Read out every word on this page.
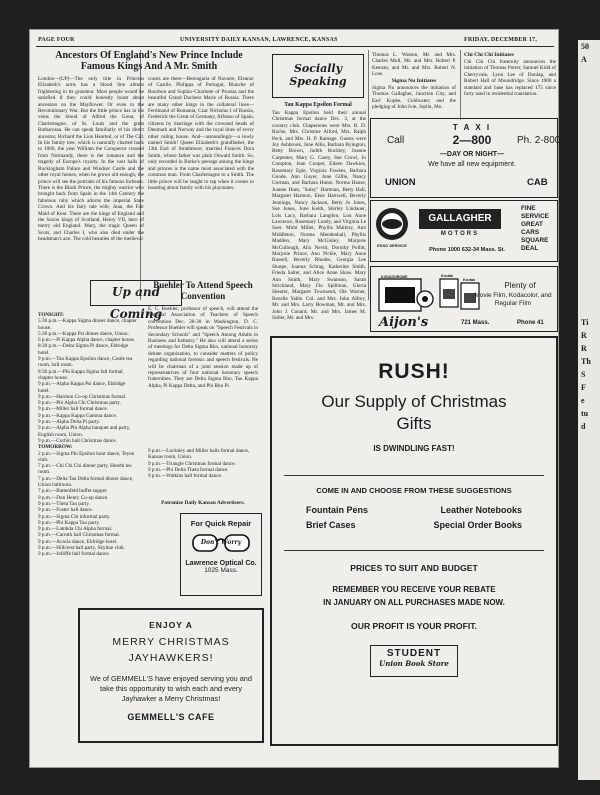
PAGE FOUR	UNIVERSITY DAILY KANSAN, LAWRENCE, KANSAS	FRIDAY, DECEMBER 17,
Ancestors Of England's New Prince Include Famous Kings And A Mr. Smith
London—(UP)—The only title in Princess Elizabeth's arms has a blood line almost frightening in its grandeur. Most people would be satisfied if they could honestly boast about ancestors on the Mayflower. Or even in the Revolutionary War. But the little prince has in his veins the blood of Alfred the Great, of Charlemagne, of St. Louis and the great Barbarossa. He can speak familiarly of his direct ancestor, Richard the Lion Hearted, or of The Cid. In his family tree, which is naturally charted back to 1066, the year William the Conqueror crossed from Normandy, there is the romance and the tragedy of Europe's royalty. In the vast halls of Buckingham Palace and Windsor Castle and the other royal homes, when he grows old enough, the prince will see the portraits of his famous forbears. There is the Black Prince, the mighty warrior who brought back from Spain in the 14th Century the fabulous ruby which adorns the imperial State Crown. And his fairy tale wife, Joan, the Fair Maid of Kent. There are the kings of England and the Saxon kings of Scotland, Henry VII, hero of merry old England. Mary, the tragic Queen of Scots, and Charles I, who also died under the headsman's axe. The cold beauties of the medieval
courts are there—Berengaria of Navarre, Eleanor of Castile, Philippa of Portugal, Blanche of Bourbon and Sophia–Charlotte of Prussia and the beautiful Grand Duchess Marie of Russia. There are many other kings in the collateral lines—Ferdinand of Rumania, Czar Nicholas I of Russia, Frederick the Great of Germany, Alfonso of Spain, citizens by marriage with the crowned heads of Denmark and Norway and the royal lines of every other ruling house. And—astoundingly—a lowly named Smith! Queen Elizabeth's grandfather, the 13th Earl of Strathmore, married Frances Dora Smith, whose father was plain Oswald Smith. So, only recorded in Burke's peerage among the kings and princes is the name most associated with the common man. From Charlemagne to a Smith. The little prince will be taught to tap when it comes to boasting about family with his playmates.
Up and Coming
TONIGHT:
5:30 p.m.—Kappa Sigma dinner dance, chapter house.
5:30 p.m.—Kappa Psi dinner dance, Union.
6 p.m.—Pi Kappa Alpha dance, chapter house.
8:30 p.m.—Delta Sigma Pi dance, Eldridge hotel.
9 p.m.—Tau Kappa Epsilon dance, Castle tea room, ball room.
8:30 p.m.—Phi Kappa Sigma fall formal, chapter house.
9 p.m.—Alpha Kappa Psi dance, Eldridge hotel.
9 p.m.—Harmon Co-op Christmas formal.
9 p.m.—Phi Alpha Chi Christmas party.
9 p.m.—Miller hall formal dance.
9 p.m.—Kappa Kappa Gamma dance.
9 p.m.—Alpha Delta Pi party.
9 p.m.—Alpha Phi Alpha banquet and party, English room, Union.
9 p.m.—Corbin hall Christmas dance.
TOMORROW:
2 p.m.—Sigma Phi Epsilon hour dance, Teyen club.
7 p.m.—Chi Chi Chi dinner party, Hearth tea room.
7 p.m.—Delta Tau Delta formal dinner dance, Union ballroom.
7 p.m.—Battenfeld buffet supper.
9 p.m.—Don Henry Co-op dance.
9 p.m.—Theta Tau party.
9 p.m.—Foster hall dance.
9 p.m.—Sigma Chi informal party.
9 p.m.—Phi Kappa Tau party.
9 p.m.—Lambda Chi Alpha formal.
9 p.m.—Carruth hall Christmas formal.
9 p.m.—Acacia dance, Eldridge hotel.
9 p.m.—Hillcrest hall party, Skyline club.
9 p.m.—Jolliffe hall formal dance.
Buehler To Attend Speech Convention
E. C. Buehler, professor of speech, will attend the National Association of Teachers of Speech convention Dec. 28-30 in Washington, D. C. Professor Buehler will speak on "Speech Festivals in Secondary Schools" and "Speech Among Adults in Business and Industry." He also will attend a series of meetings for Delta Sigma Rho, national honorary debate organization, to consider matters of policy regarding national forensic and speech festivals. He will be chairman of a joint session made up of representatives of four national honorary speech fraternities. They are Delta Sigma Rho, Tau Kappa Alpha, Pi Kappa Delta, and Phi Rho Pi.
9 p.m.—Locksley and Miller halls formal dance, Kansas room, Union.
9 p.m.—Triangle Christmas formal dance.
9 p.m.—Phi Delta Theta formal dance.
9 p.m.—Watkins hall formal dance.
Patronize Daily Kansan Advertisers.
For Quick Repair
Don't Worry
Lawrence Optical Co.
1025 Mass.
ENJOY A
MERRY CHRISTMAS
JAYHAWKERS!
We of GEMMELL'S have enjoyed serving you and take this opportunity to wish each and every Jayhawker a Merry Christmas!
GEMMELL'S CAFE
Socially Speaking
Tau Kappa Epsilon Formal
Tau Kappa Epsilon held their annual Christmas formal dance Dec. 3, at the country club. Chaperones were Mrs. R. D. Roche, Mrs. Christine Alford, Mrs. Ralph Peck, and Mrs. H. P. Ramage. Guests were Joy Ashbrook, June Allis, Barbara Byington, Betty Brown, Judith Buckley, Joanne Carpenter, Mary G. Carey, Sue Crowl, Jo Compton, Jean Cooper, Eileen Dawkins, Rosemary Egle, Virginia Fawkes, Barbara Goode, Ann Guyer, June Gillie, Nancy Gorman, and Barbara Hume. Norma Hause, Joanne Hunt, "Soley" Hartman, Betty Hall, Margaret Harmon, Elsie Hartwell, Beverly Jennings, Nancy Jackson, Betty Jo Jones, Sue Jones, June Keith, Shirley Lindauer, Lois Lacy, Barbara Langdon, Lou Anne Lawrence, Rosemary Lundy, and Virginia Le Suer. Mimi Miller, Phyllis Mallory, Ann Middleton, Norma Mendenhall, Phyllis Madden, Mary McGinley, Marjorie McCullough, Alix Nevitt, Dorothy Pollitt, Marjorie Prince, Ann Pickle, Mary Anne Russell, Beverly Rhodes, Georgia Lee Sharpe, Joanna Schrag, Katherine Smith, Frieda Salter, and Alice Anne Shaw. Mary Ann Smith, Mary Swanson, Sarah Strickland, Mary Flo Spillman, Gloria Shearer, Margaret Townsend, Ole Warner, Rozelle Yable. Col. and Mrs. John Alfrey, Mr. and Mrs. Larry Bowman, Mr. and Mrs. John J. Conard, Mr. and Mrs. James M. Stiller, Mr. and Mrs.
Thomas L. Watson, Mr. and Mrs. Charles Mull, Mr. and Mrs. Robert P. Keenan, and Mr. and Mrs. Robert N. Lose.
Sigma Nu Initiates
Sigma Nu announces the initiation of Thomas Gallagher, Junction City, and Earl Kopke, Coldwater; and the pledging of John Ivie, Joplin, Mo.
Chi Chi Chi Initiates
Chi Chi Chi fraternity announces the initiation of Thomas Porter, Samuel Kidd of Cherryvale, Lynn Lee of Dunlap, and Robert Hall of Moundridge. Since 1900 a standard and base has replaced 175 since forty used in residential translation.
Call
T A X I
2—800	Ph. 2-800
—DAY OR NIGHT—
We have all new equipment.
UNION	CAB
ESSO SERVICE
GALLAGHER
MOTORS
FINE
SERVICE
GREAT
CARS
SQUARE
DEAL
Phone 1000 632-34 Mass. St.
KODACHROME	Kodak
Kodak
Plenty of
Movie Film, Kodacolor, and Regular Film
Aijon's	721 Mass.	Phone 41
RUSH!
Our Supply of Christmas
Gifts
IS DWINDLING FAST!
COME IN AND CHOOSE FROM THESE SUGGESTIONS
Fountain Pens	Leather Notebooks
Brief Cases	Special Order Books
PRICES TO SUIT AND BUDGET
REMEMBER YOU RECEIVE YOUR REBATE
IN JANUARY ON ALL PURCHASES MADE NOW.
OUR PROFIT IS YOUR PROFIT.
STUDENT
Union Book Store
50
A
Ti
R
R
Th
S
F
e
tu
d
